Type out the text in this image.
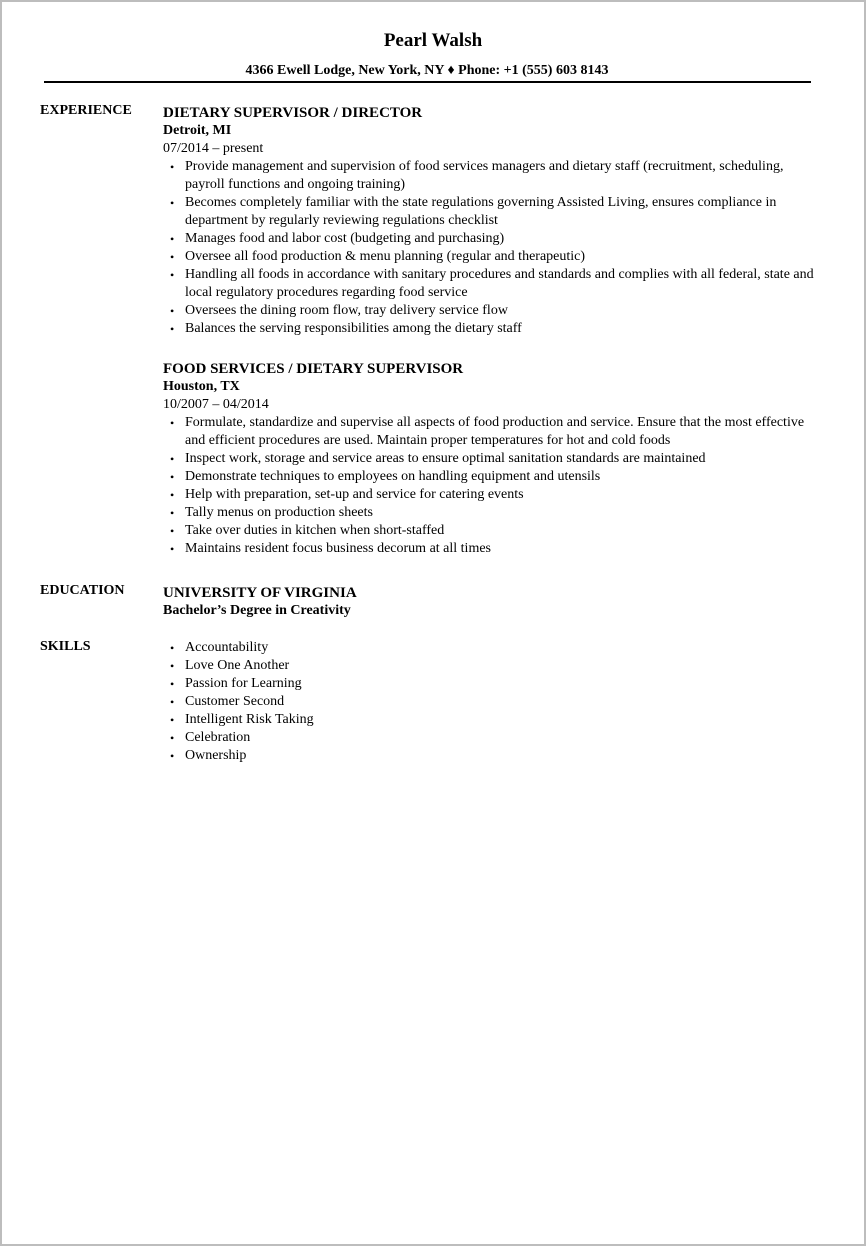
Pearl Walsh
4366 Ewell Lodge, New York, NY ♦ Phone: +1 (555) 603 8143
EXPERIENCE DIETARY SUPERVISOR / DIRECTOR
Detroit, MI
07/2014 – present
• Provide management and supervision of food services managers and dietary staff (recruitment, scheduling, payroll functions and ongoing training)
• Becomes completely familiar with the state regulations governing Assisted Living, ensures compliance in department by regularly reviewing regulations checklist
• Manages food and labor cost (budgeting and purchasing)
• Oversee all food production & menu planning (regular and therapeutic)
• Handling all foods in accordance with sanitary procedures and standards and complies with all federal, state and local regulatory procedures regarding food service
• Oversees the dining room flow, tray delivery service flow
• Balances the serving responsibilities among the dietary staff
FOOD SERVICES / DIETARY SUPERVISOR
Houston, TX
10/2007 – 04/2014
• Formulate, standardize and supervise all aspects of food production and service. Ensure that the most effective and efficient procedures are used. Maintain proper temperatures for hot and cold foods
• Inspect work, storage and service areas to ensure optimal sanitation standards are maintained
• Demonstrate techniques to employees on handling equipment and utensils
• Help with preparation, set-up and service for catering events
• Tally menus on production sheets
• Take over duties in kitchen when short-staffed
• Maintains resident focus business decorum at all times
EDUCATION	UNIVERSITY OF VIRGINIA
Bachelor’s Degree in Creativity
SKILLS
•	Accountability
• Love One Another
• Passion for Learning
• Customer Second
• Intelligent Risk Taking
• Celebration
• Ownership
